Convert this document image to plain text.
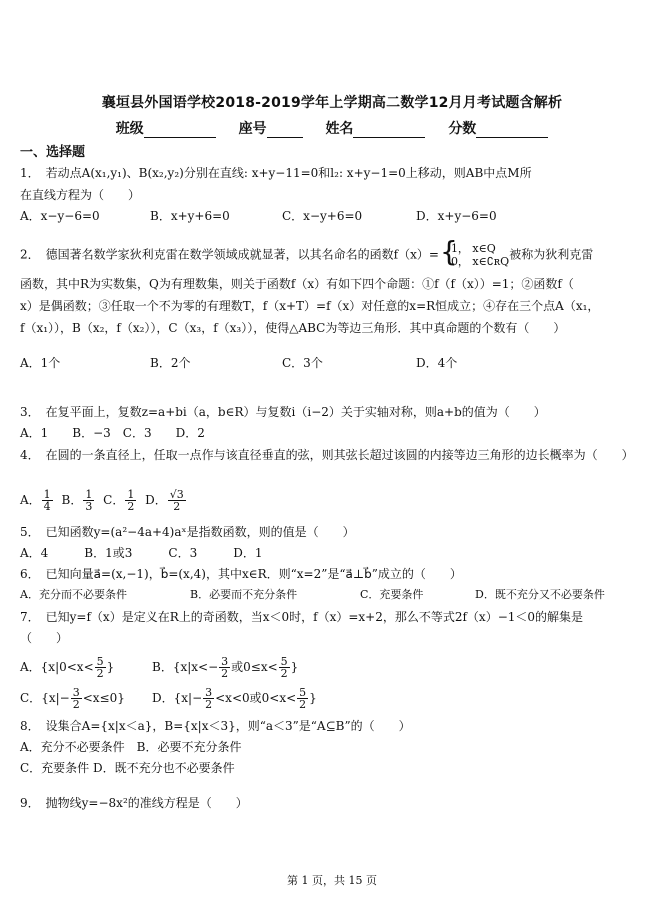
襄垣县外国语学校2018-2019学年上学期高二数学12月月考试题含解析
班级	座号	姓名	分数
一、选择题
1．　 若动点A(x₁,y₁)、B(x₂,y₂)分别在直线: x+y−11=0和l₂: x+y−1=0上移动，则AB中点M所
在直线方程为（　　）
A．x−y−6=0	B．x+y+6=0	C．x−y+6=0	D．x+y−6=0
2．　 德国著名数学家狄利克雷在数学领域成就显著，以其名命名的函数f（x）=
{ 1， x∈Q
0， x∈∁ʀQ 被称为狄利克雷
函数，其中R为实数集，Q为有理数集，则关于函数f（x）有如下四个命题：①f（f（x））=1；②函数f（
x）是偶函数；③任取一个不为零的有理数T，f（x+T）=f（x）对任意的x=R恒成立；④存在三个点A（x₁，
f（x₁）），B（x₂，f（x₂）），C（x₃，f（x₃）），使得△ABC为等边三角形．其中真命题的个数有（　　）
A．1个	B．2个	C．3个	D．4个
3．　 在复平面上，复数z=a+bi（a，b∈R）与复数i（i−2）关于实轴对称，则a+b的值为（　　）
A．1　　B．−3　C．3　　D．2
4．　 在圆的一条直径上，任取一点作与该直径垂直的弦，则其弦长超过该圆的内接等边三角形的边长概率为（　　）
A． $\frac{1}{4}$ B． $\frac{1}{3}$ C． $\frac{1}{2}$ D． $\frac{√3}{2}$
5．　 已知函数y=(a²−4a+4)aˣ是指数函数，则的值是（　　）
A．4　　　B．1或3　　　C．3　　　D．1
6．　 已知向量a⃗=(x,−1)，b⃗=(x,4)，其中x∈R．则“x=2”是“a⃗⊥b⃗”成立的（　　）
A．充分而不必要条件	B．必要而不充分条件	C．充要条件	D．既不充分又不必要条件
7．　 已知y=f（x）是定义在R上的奇函数，当x＜0时，f（x）=x+2，那么不等式2f（x）−1＜0的解集是
（　　）
A．{$x|0<x< \frac{5}{2}$ }	B．{$x|x<- \frac{3}{2}$ 或$0\le x< \frac{5}{2}$ }
C．$\{x|- \frac{3}{2} <x\le 0\}$ D．{$x|- \frac{3}{2} <x<0$或$0<x< \frac{5}{2}$ }
8．　 设集合A={x|x＜a}，B={x|x＜3}，则“a＜3”是“A⊆B”的（　　）
A．充分不必要条件　B．必要不充分条件
C．充要条件 D．既不充分也不必要条件
9．　 抛物线y=−8x²的准线方程是（　　）
第 1 页，共 15 页
